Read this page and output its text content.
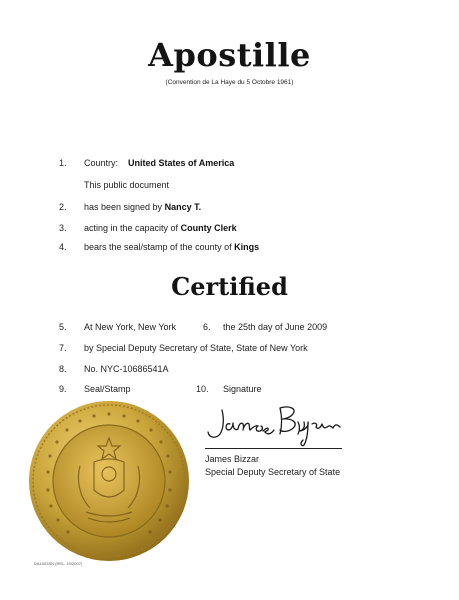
Apostille
(Convention de La Haye du 5 Octobre 1961)
1. Country: United States of America
This public document
2. has been signed by Nancy T.
3. acting in the capacity of County Clerk
4. bears the seal/stamp of the county of Kings
Certified
5. At New York, New York	6. the 25th day of June 2009
7. by Special Deputy Secretary of State, State of New York
8. No. NYC-10686541A
9. Seal/Stamp	10. Signature
James Bizzar
Special Deputy Secretary of State
DA1003SN (REL. 10/2007)
